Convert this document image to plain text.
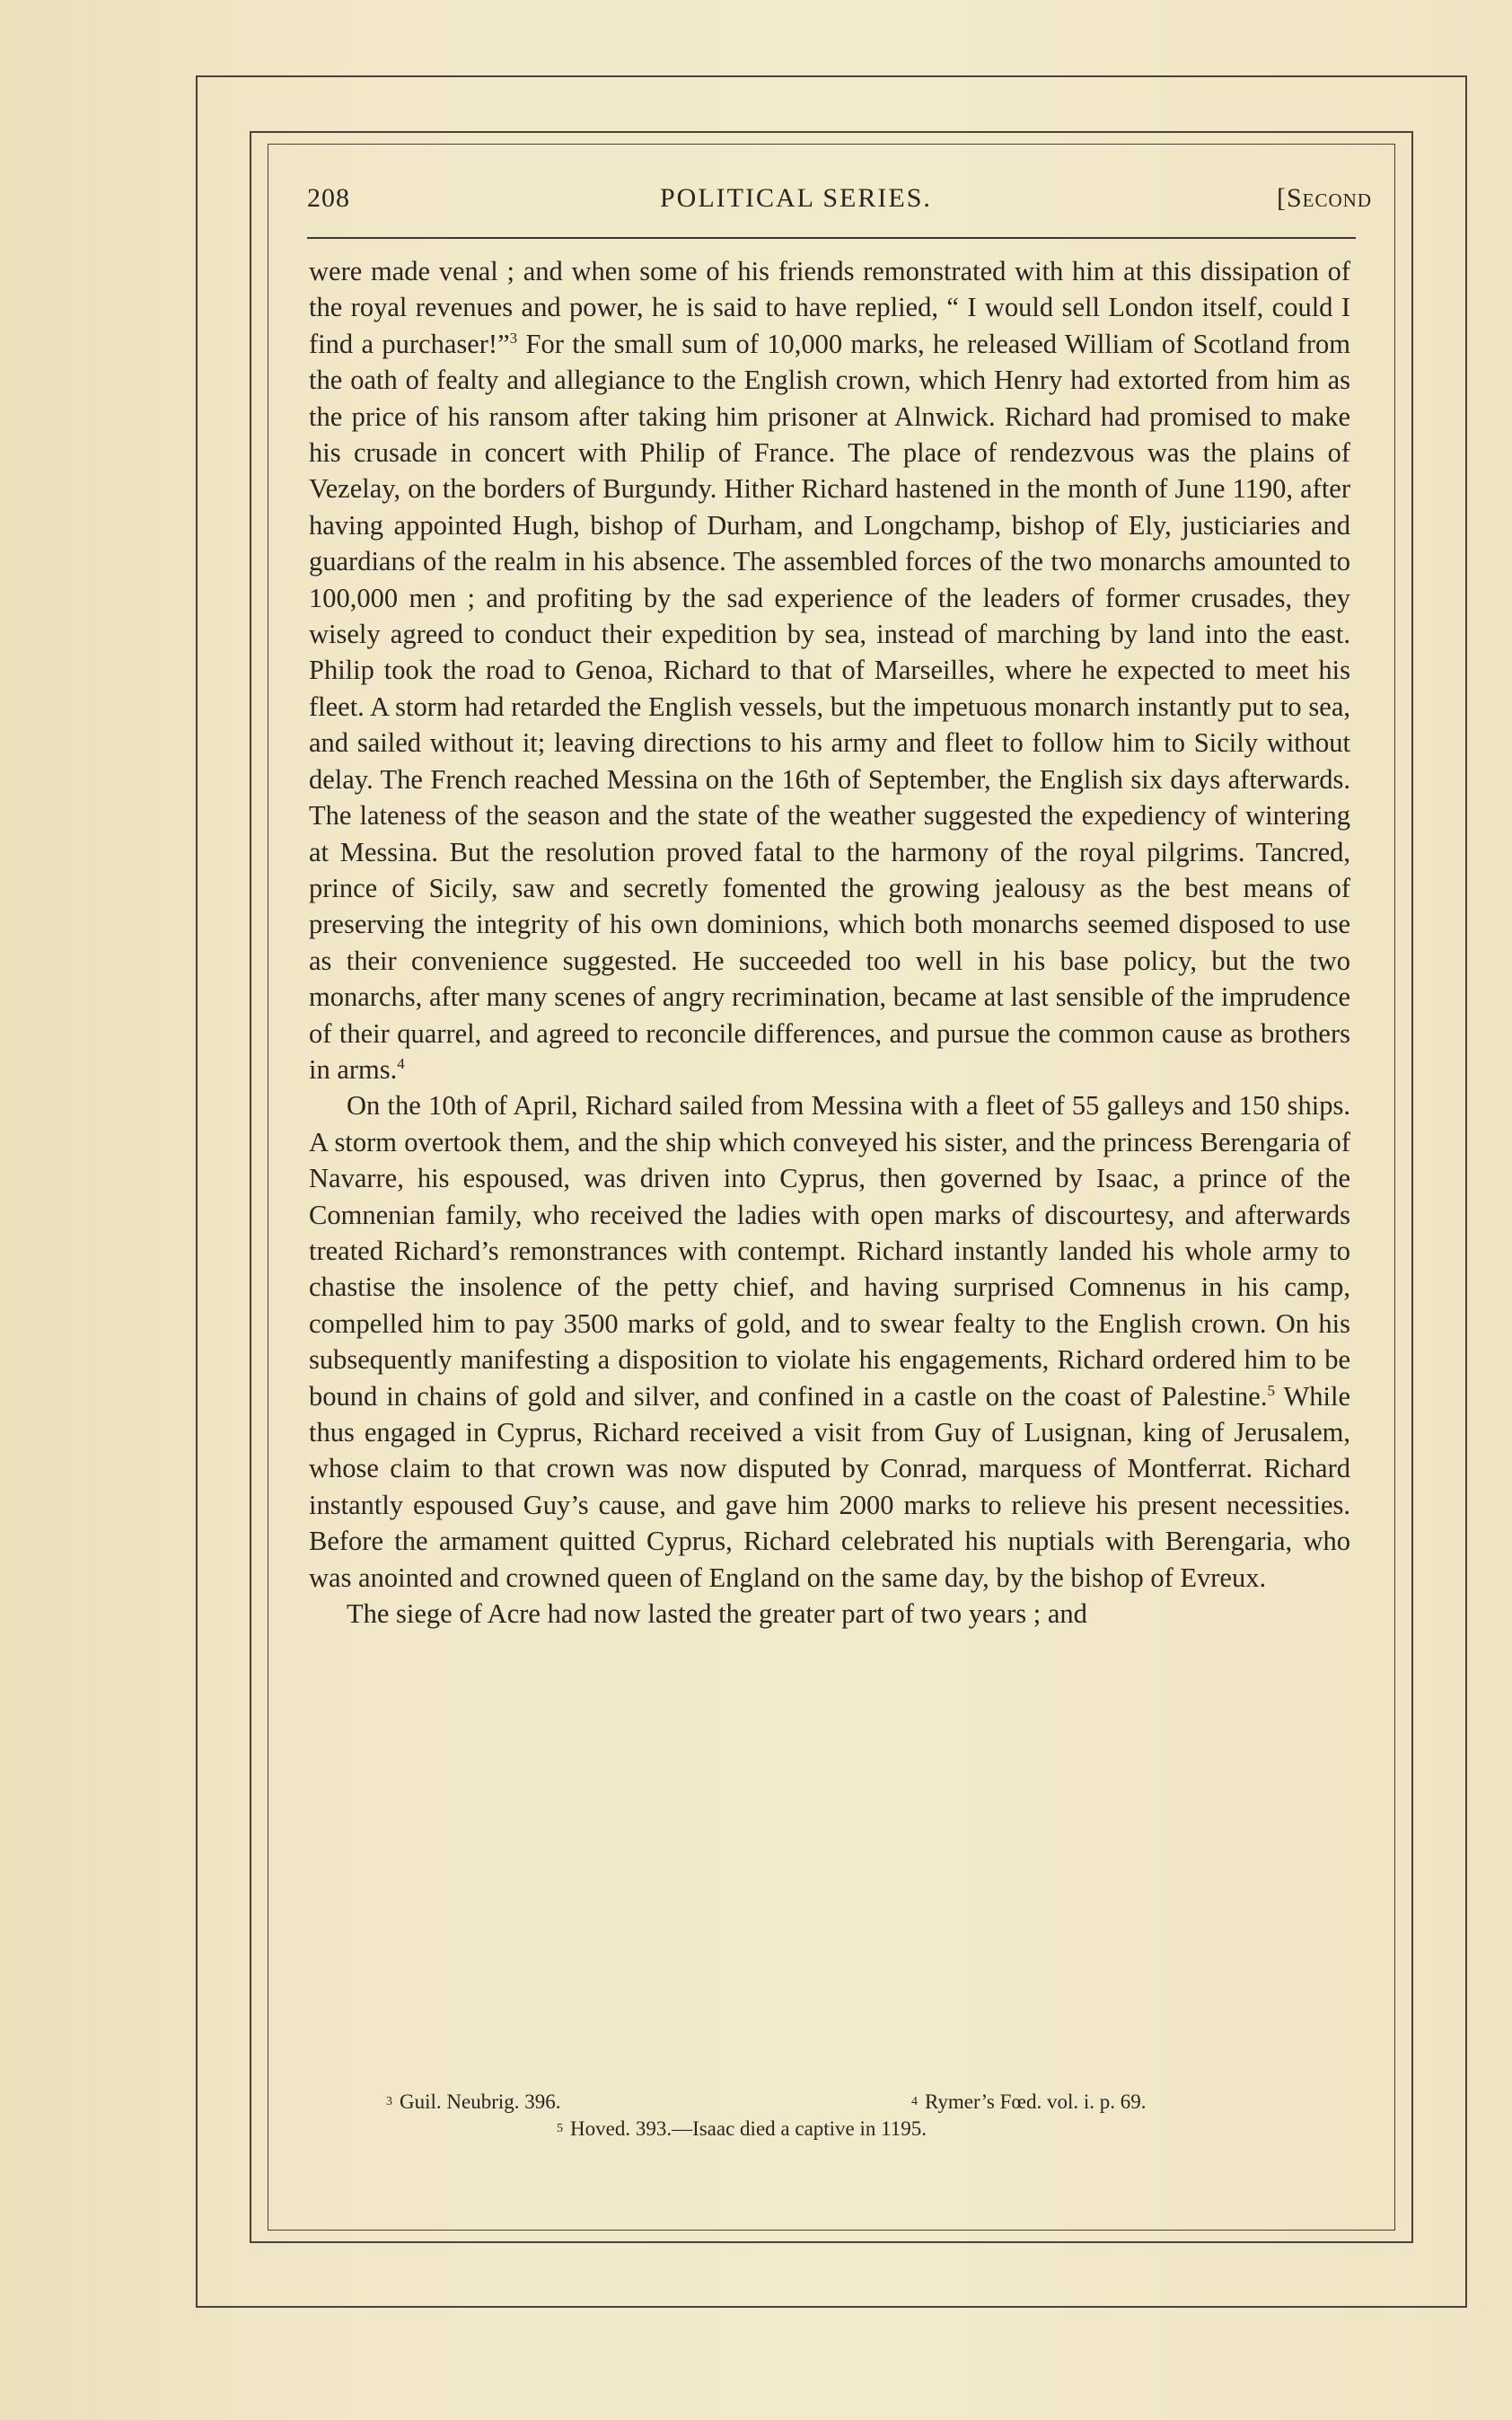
208	POLITICAL SERIES.	[Second

were made venal ; and when some of his friends remonstrated with him at this dissipation of the royal revenues and power, he is said to have replied, “ I would sell London itself, could I find a purchaser!”$^3$ For the small sum of 10,000 marks, he released William of Scotland from the oath of fealty and allegiance to the English crown, which Henry had extorted from him as the price of his ransom after taking him prisoner at Alnwick. Richard had promised to make his crusade in concert with Philip of France. The place of rendezvous was the plains of Vezelay, on the borders of Burgundy. Hither Richard hastened in the month of June 1190, after having appointed Hugh, bishop of Durham, and Longchamp, bishop of Ely, justiciaries and guardians of the realm in his absence. The assembled forces of the two monarchs amounted to 100,000 men ; and profiting by the sad experience of the leaders of former crusades, they wisely agreed to conduct their expedition by sea, instead of marching by land into the east. Philip took the road to Genoa, Richard to that of Marseilles, where he expected to meet his fleet. A storm had retarded the English vessels, but the impetuous monarch instantly put to sea, and sailed without it; leaving directions to his army and fleet to follow him to Sicily without delay. The French reached Messina on the 16th of September, the English six days afterwards. The lateness of the season and the state of the weather suggested the expediency of wintering at Messina. But the resolution proved fatal to the harmony of the royal pilgrims. Tancred, prince of Sicily, saw and secretly fomented the growing jealousy as the best means of preserving the integrity of his own dominions, which both monarchs seemed disposed to use as their convenience suggested. He succeeded too well in his base policy, but the two monarchs, after many scenes of angry recrimination, became at last sensible of the imprudence of their quarrel, and agreed to reconcile differences, and pursue the common cause as brothers in arms.$^4$

On the 10th of April, Richard sailed from Messina with a fleet of 55 galleys and 150 ships. A storm overtook them, and the ship which conveyed his sister, and the princess Berengaria of Navarre, his espoused, was driven into Cyprus, then governed by Isaac, a prince of the Comnenian family, who received the ladies with open marks of discourtesy, and afterwards treated Richard’s remonstrances with contempt. Richard instantly landed his whole army to chastise the insolence of the petty chief, and having surprised Comnenus in his camp, compelled him to pay 3500 marks of gold, and to swear fealty to the English crown. On his subsequently manifesting a disposition to violate his engagements, Richard ordered him to be bound in chains of gold and silver, and confined in a castle on the coast of Palestine.$^5$ While thus engaged in Cyprus, Richard received a visit from Guy of Lusignan, king of Jerusalem, whose claim to that crown was now disputed by Conrad, marquess of Montferrat. Richard instantly espoused Guy’s cause, and gave him 2000 marks to relieve his present necessities. Before the armament quitted Cyprus, Richard celebrated his nuptials with Berengaria, who was anointed and crowned queen of England on the same day, by the bishop of Evreux.

The siege of Acre had now lasted the greater part of two years ; and

$^3$ Guil. Neubrig. 396.	$^4$ Rymer’s Fœd. vol. i. p. 69.
$^5$ Hoved. 393.—Isaac died a captive in 1195.
